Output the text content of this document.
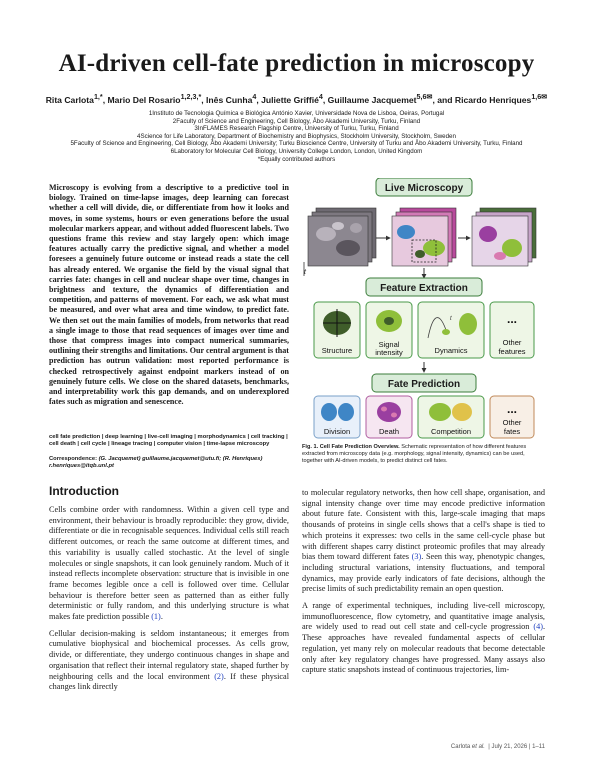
AI-driven cell-fate prediction in microscopy
Rita Carlota$^{1,*}$, Mario Del Rosario$^{1,2,3,*}$, Inês Cunha$^4$, Juliette Griffié$^4$, Guillaume Jacquemet$^{5,6✉}$, and Ricardo Henriques$^{1,6✉}$
1Instituto de Tecnologia Química e Biológica António Xavier, Universidade Nova de Lisboa, Oeiras, Portugal
2Faculty of Science and Engineering, Cell Biology, Åbo Akademi University, Turku, Finland
3InFLAMES Research Flagship Centre, University of Turku, Turku, Finland
4Science for Life Laboratory, Department of Biochemistry and Biophysics, Stockholm University, Stockholm, Sweden
5Faculty of Science and Engineering, Cell Biology, Åbo Akademi University; Turku Bioscience Centre, University of Turku and Åbo Akademi University, Turku, Finland
6Laboratory for Molecular Cell Biology, University College London, London, United Kingdom
*Equally contributed authors
Microscopy is evolving from a descriptive to a predictive tool in biology. Trained on time-lapse images, deep learning can forecast whether a cell will divide, die, or differentiate from how it looks and moves, in some systems, hours or even generations before the usual molecular markers appear, and without added fluorescent labels. Two questions frame this review and stay largely open: which image features actually carry the predictive signal, and whether a model foresees a genuinely future outcome or instead reads a state the cell has already entered. We organise the field by the visual signal that carries fate: changes in cell and nuclear shape over time, changes in brightness and texture, the dynamics of differentiation and competition, and patterns of movement. For each, we ask what must be measured, and over what area and time window, to predict fate. We then set out the main families of models, from networks that read a single image to those that read sequences of images over time and those that compress images into compact numerical summaries, outlining their strengths and limitations. Our central argument is that prediction has outrun validation: most reported performance is checked retrospectively against endpoint markers instead of on genuinely future cells. We close on the shared datasets, benchmarks, and interpretability work this gap demands, and on underexplored fates such as migration and senescence.
cell fate prediction | deep learning | live-cell imaging | morphodynamics | cell tracking | cell death | cell cycle | lineage tracing | computer vision | time-lapse microscopy
Correspondence: (G. Jacquemet) guillaume.jacquemet@utu.fi; (R. Henriques) r.henriques@itqb.unl.pt
Live Microscopy
t
Feature Extraction
Structure
Signal
intensity
t
Dynamics
...
Other
features
Fate Prediction
Division	Death	Competition
...
Other
fates
Fig. 1. Cell Fate Prediction Overview. Schematic representation of how different features extracted from microscopy data (e.g. morphology, signal intensity, dynamics) can be used, together with AI-driven models, to predict distinct cell fates.
Introduction

Cells combine order with randomness. Within a given cell type and environment, their behaviour is broadly reproducible: they grow, divide, differentiate or die in recognisable sequences. Individual cells still reach different outcomes, or reach the same outcome at different times, and this variability is usually called stochastic. At the level of single molecules or single snapshots, it can look genuinely random. Much of it instead reflects incomplete observation: structure that is invisible in one frame becomes legible once a cell is followed over time. Cellular behaviour is therefore better seen as patterned than as either fully deterministic or fully random, and this underlying structure is what makes fate prediction possible (1).

Cellular decision-making is seldom instantaneous; it emerges from cumulative biophysical and biochemical processes. As cells grow, divide, or differentiate, they undergo continuous changes in shape and organisation that reflect their internal regulatory state, shaped further by neighbouring cells and the local environment (2). If these physical changes link directly

to molecular regulatory networks, then how cell shape, organisation, and signal intensity change over time may encode predictive information about future fate. Consistent with this, large-scale imaging that maps thousands of proteins in single cells shows that a cell's shape is tied to which proteins it expresses: two cells in the same cell-cycle phase but with different shapes carry distinct proteomic profiles that may already bias them toward different fates (3). Seen this way, phenotypic changes, including structural variations, intensity fluctuations, and temporal dynamics, may provide early indicators of fate decisions, although the precise limits of such predictability remain an open question.

A range of experimental techniques, including live-cell microscopy, immunofluorescence, flow cytometry, and quantitative image analysis, are widely used to read out cell state and cell-cycle progression (4). These approaches have revealed fundamental aspects of cellular regulation, yet many rely on molecular readouts that become detectable only after key regulatory changes have progressed. Many assays also capture static snapshots instead of continuous trajectories, lim-

Carlota et al. | July 21, 2026 | 1–11
